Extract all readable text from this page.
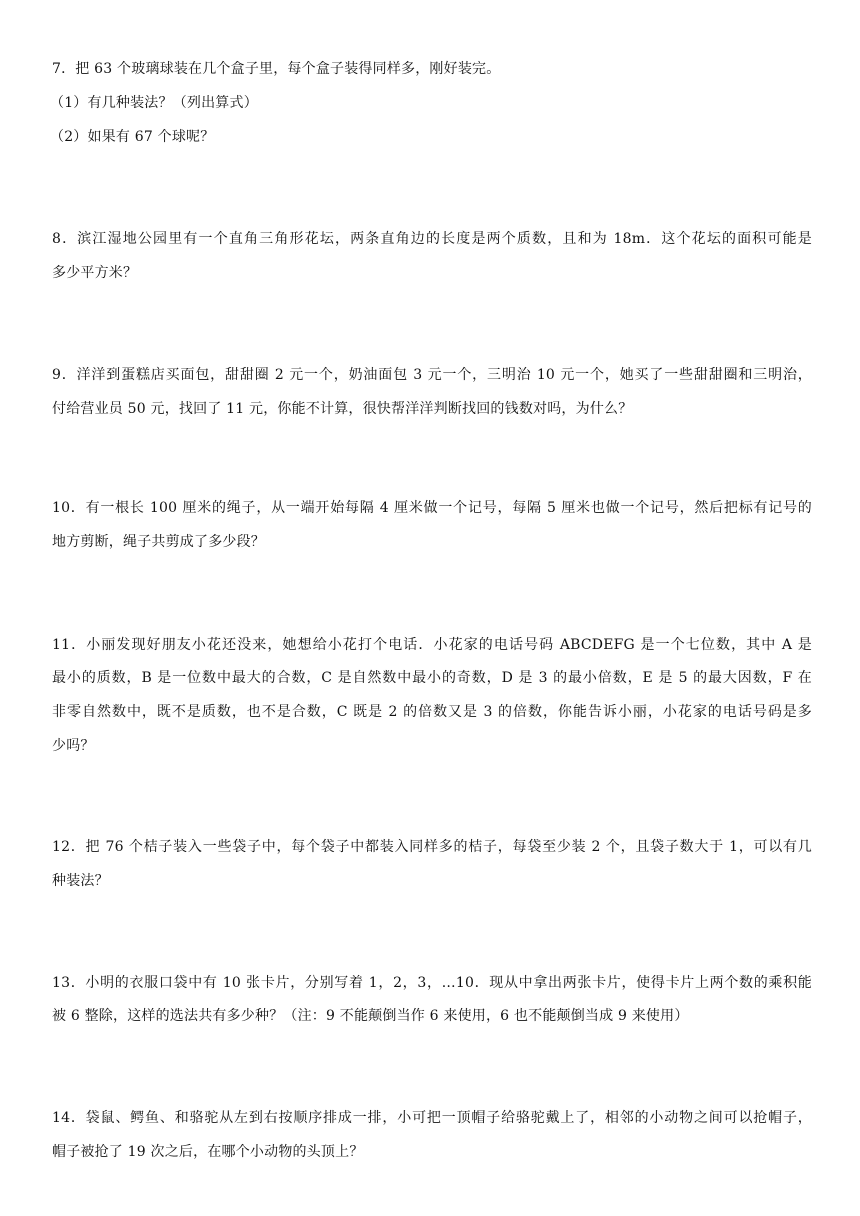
7．把 63 个玻璃球装在几个盒子里，每个盒子装得同样多，刚好装完。
（1）有几种装法？（列出算式）
（2）如果有 67 个球呢？
8．滨江湿地公园里有一个直角三角形花坛，两条直角边的长度是两个质数，且和为 18m．这个花坛的面积可能是
多少平方米？
9．洋洋到蛋糕店买面包，甜甜圈 2 元一个，奶油面包 3 元一个，三明治 10 元一个，她买了一些甜甜圈和三明治，
付给营业员 50 元，找回了 11 元，你能不计算，很快帮洋洋判断找回的钱数对吗，为什么？
10．有一根长 100 厘米的绳子，从一端开始每隔 4 厘米做一个记号，每隔 5 厘米也做一个记号，然后把标有记号的
地方剪断，绳子共剪成了多少段？
11．小丽发现好朋友小花还没来，她想给小花打个电话．小花家的电话号码 ABCDEFG 是一个七位数，其中 A 是
最小的质数，B 是一位数中最大的合数，C 是自然数中最小的奇数，D 是 3 的最小倍数，E 是 5 的最大因数，F 在
非零自然数中，既不是质数，也不是合数，C 既是 2 的倍数又是 3 的倍数，你能告诉小丽，小花家的电话号码是多
少吗？
12．把 76 个桔子装入一些袋子中，每个袋子中都装入同样多的桔子，每袋至少装 2 个，且袋子数大于 1，可以有几
种装法？
13．小明的衣服口袋中有 10 张卡片，分别写着 1，2，3，…10．现从中拿出两张卡片，使得卡片上两个数的乘积能
被 6 整除，这样的选法共有多少种？（注：9 不能颠倒当作 6 来使用，6 也不能颠倒当成 9 来使用）
14．袋鼠、鳄鱼、和骆驼从左到右按顺序排成一排，小可把一顶帽子给骆驼戴上了，相邻的小动物之间可以抢帽子，
帽子被抢了 19 次之后，在哪个小动物的头顶上？
